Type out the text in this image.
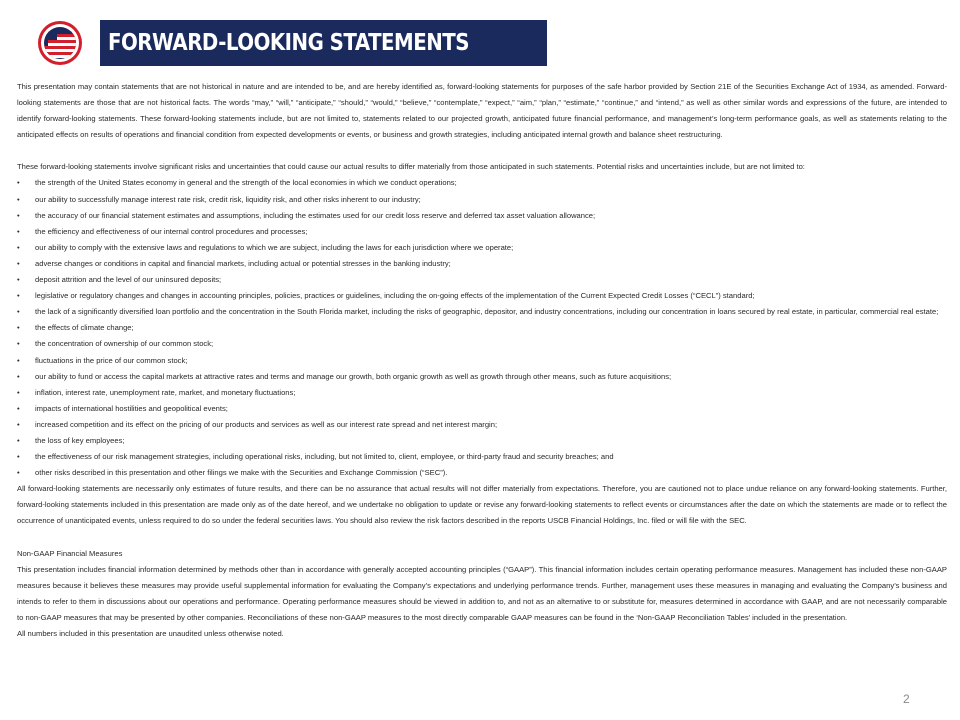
FORWARD-LOOKING STATEMENTS

This presentation may contain statements that are not historical in nature and are intended to be, and are hereby identified as, forward-looking statements for purposes of the safe harbor provided by Section 21E of the Securities Exchange Act of 1934, as amended. Forward-looking statements are those that are not historical facts. The words “may,” “will,” “anticipate,” “should,” “would,” “believe,” “contemplate,” “expect,” “aim,” “plan,” “estimate,” “continue,” and “intend,” as well as other similar words and expressions of the future, are intended to identify forward-looking statements. These forward-looking statements include, but are not limited to, statements related to our projected growth, anticipated future financial performance, and management’s long-term performance goals, as well as statements relating to the anticipated effects on results of operations and financial condition from expected developments or events, or business and growth strategies, including anticipated internal growth and balance sheet restructuring.

These forward-looking statements involve significant risks and uncertainties that could cause our actual results to differ materially from those anticipated in such statements. Potential risks and uncertainties include, but are not limited to:

• the strength of the United States economy in general and the strength of the local economies in which we conduct operations;
• our ability to successfully manage interest rate risk, credit risk, liquidity risk, and other risks inherent to our industry;
• the accuracy of our financial statement estimates and assumptions, including the estimates used for our credit loss reserve and deferred tax asset valuation allowance;
• the efficiency and effectiveness of our internal control procedures and processes;
• our ability to comply with the extensive laws and regulations to which we are subject, including the laws for each jurisdiction where we operate;
• adverse changes or conditions in capital and financial markets, including actual or potential stresses in the banking industry;
• deposit attrition and the level of our uninsured deposits;
• legislative or regulatory changes and changes in accounting principles, policies, practices or guidelines, including the on-going effects of the implementation of the Current Expected Credit Losses (“CECL”) standard;
• the lack of a significantly diversified loan portfolio and the concentration in the South Florida market, including the risks of geographic, depositor, and industry concentrations, including our concentration in loans secured by real estate, in particular, commercial real estate;
• the effects of climate change;
• the concentration of ownership of our common stock;
• fluctuations in the price of our common stock;
• our ability to fund or access the capital markets at attractive rates and terms and manage our growth, both organic growth as well as growth through other means, such as future acquisitions;
• inflation, interest rate, unemployment rate, market, and monetary fluctuations;
• impacts of international hostilities and geopolitical events;
• increased competition and its effect on the pricing of our products and services as well as our interest rate spread and net interest margin;
• the loss of key employees;
• the effectiveness of our risk management strategies, including operational risks, including, but not limited to, client, employee, or third-party fraud and security breaches; and
• other risks described in this presentation and other filings we make with the Securities and Exchange Commission (“SEC”).

All forward-looking statements are necessarily only estimates of future results, and there can be no assurance that actual results will not differ materially from expectations. Therefore, you are cautioned not to place undue reliance on any forward-looking statements. Further, forward-looking statements included in this presentation are made only as of the date hereof, and we undertake no obligation to update or revise any forward-looking statements to reflect events or circumstances after the date on which the statements are made or to reflect the occurrence of unanticipated events, unless required to do so under the federal securities laws. You should also review the risk factors described in the reports USCB Financial Holdings, Inc. filed or will file with the SEC.

Non-GAAP Financial Measures

This presentation includes financial information determined by methods other than in accordance with generally accepted accounting principles (“GAAP”). This financial information includes certain operating performance measures. Management has included these non-GAAP measures because it believes these measures may provide useful supplemental information for evaluating the Company’s expectations and underlying performance trends. Further, management uses these measures in managing and evaluating the Company’s business and intends to refer to them in discussions about our operations and performance. Operating performance measures should be viewed in addition to, and not as an alternative to or substitute for, measures determined in accordance with GAAP, and are not necessarily comparable to non-GAAP measures that may be presented by other companies. Reconciliations of these non-GAAP measures to the most directly comparable GAAP measures can be found in the ‘Non-GAAP Reconciliation Tables’ included in the presentation.

All numbers included in this presentation are unaudited unless otherwise noted.

2
